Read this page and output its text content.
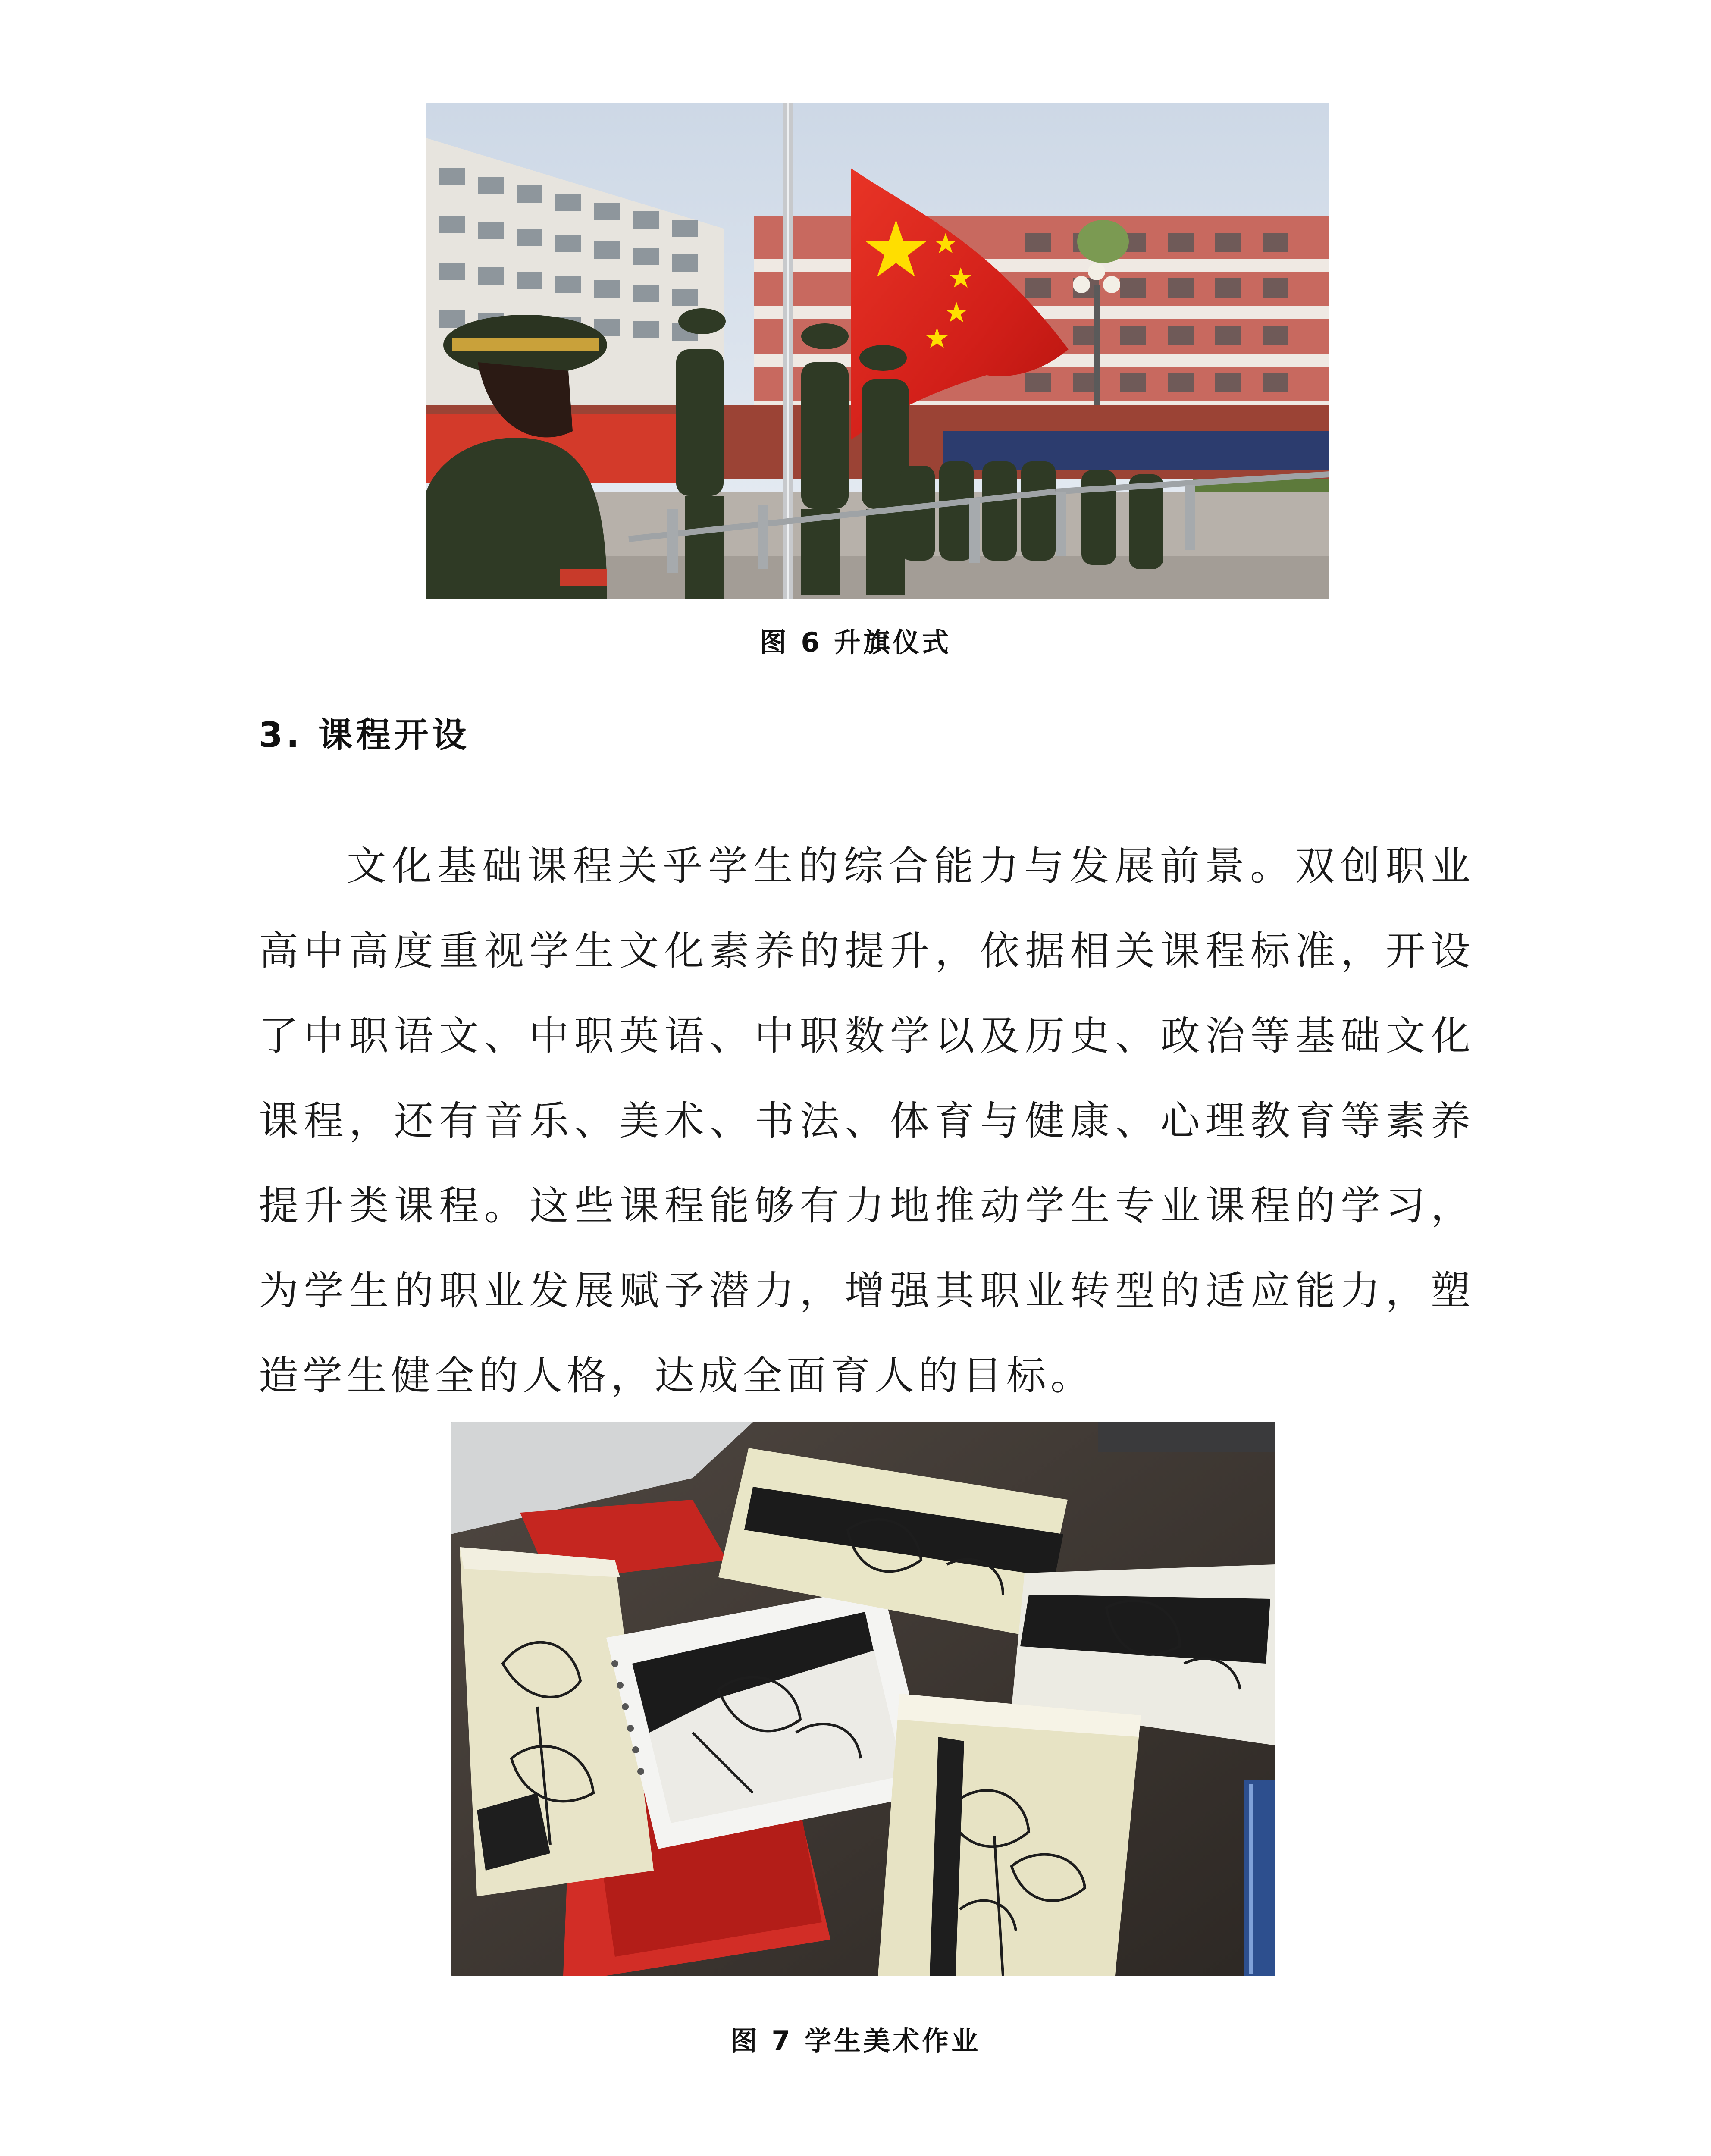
图 6 升旗仪式
3. 课程开设

文化基础课程关乎学生的综合能力与发展前景。双创职业高中高度重视学生文化素养的提升，依据相关课程标准，开设了中职语文、中职英语、中职数学以及历史、政治等基础文化课程，还有音乐、美术、书法、体育与健康、心理教育等素养提升类课程。这些课程能够有力地推动学生专业课程的学习，为学生的职业发展赋予潜力，增强其职业转型的适应能力，塑造学生健全的人格，达成全面育人的目标。

图 7 学生美术作业
